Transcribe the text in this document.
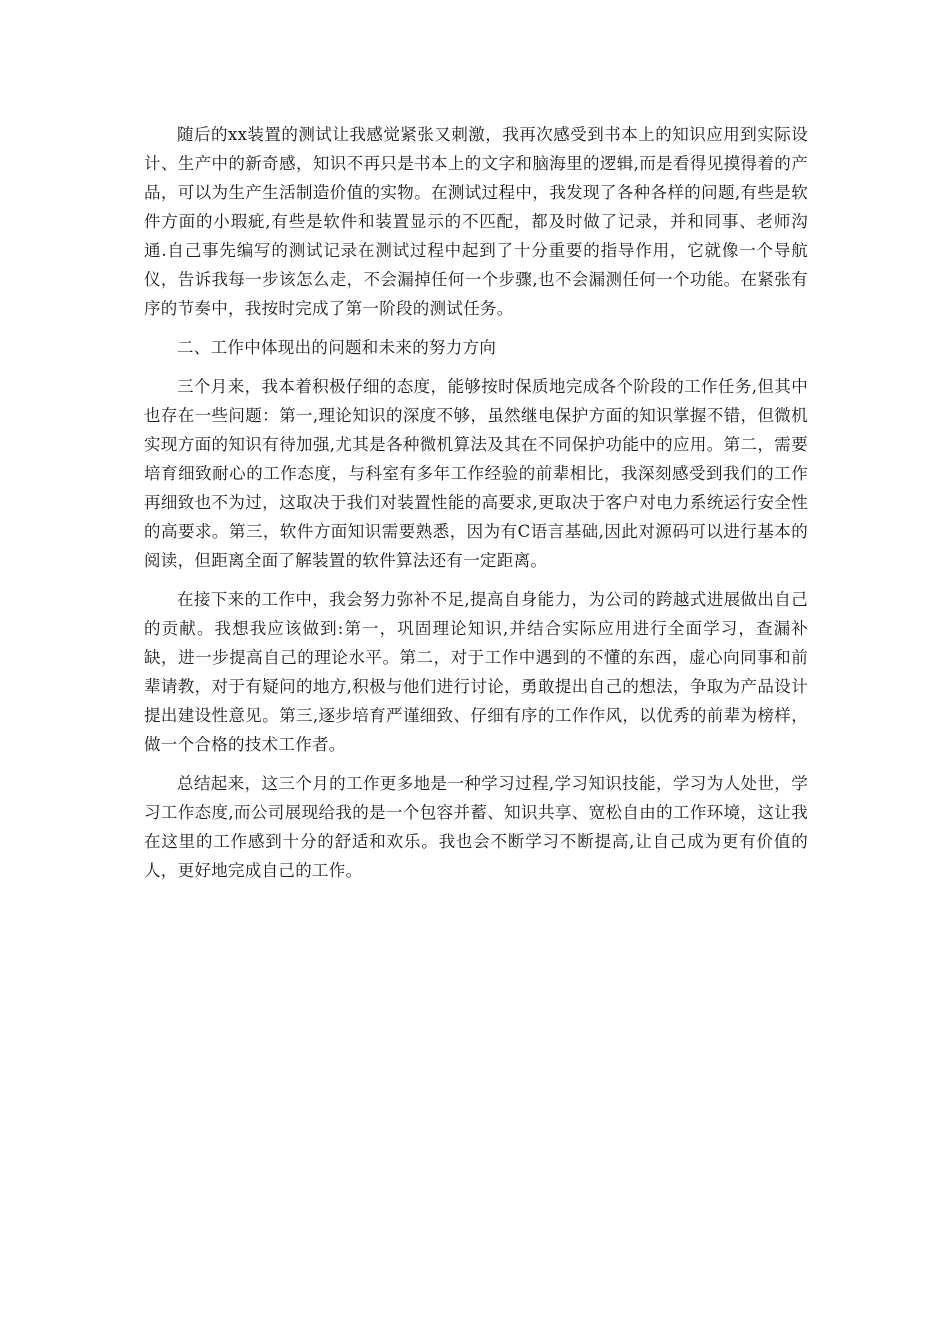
随后的xx装置的测试让我感觉紧张又刺激，我再次感受到书本上的知识应用到实际设计、生产中的新奇感，知识不再只是书本上的文字和脑海里的逻辑,而是看得见摸得着的产品，可以为生产生活制造价值的实物。在测试过程中，我发现了各种各样的问题,有些是软件方面的小瑕疵,有些是软件和装置显示的不匹配，都及时做了记录，并和同事、老师沟通.自己事先编写的测试记录在测试过程中起到了十分重要的指导作用，它就像一个导航仪，告诉我每一步该怎么走，不会漏掉任何一个步骤,也不会漏测任何一个功能。在紧张有序的节奏中，我按时完成了第一阶段的测试任务。

二、工作中体现出的问题和未来的努力方向

三个月来，我本着积极仔细的态度，能够按时保质地完成各个阶段的工作任务,但其中也存在一些问题：第一,理论知识的深度不够，虽然继电保护方面的知识掌握不错，但微机实现方面的知识有待加强,尤其是各种微机算法及其在不同保护功能中的应用。第二，需要培育细致耐心的工作态度，与科室有多年工作经验的前辈相比，我深刻感受到我们的工作再细致也不为过，这取决于我们对装置性能的高要求,更取决于客户对电力系统运行安全性的高要求。第三，软件方面知识需要熟悉，因为有C语言基础,因此对源码可以进行基本的阅读，但距离全面了解装置的软件算法还有一定距离。

在接下来的工作中，我会努力弥补不足,提高自身能力，为公司的跨越式进展做出自己的贡献。我想我应该做到:第一，巩固理论知识,并结合实际应用进行全面学习，查漏补缺，进一步提高自己的理论水平。第二，对于工作中遇到的不懂的东西，虚心向同事和前辈请教，对于有疑问的地方,积极与他们进行讨论，勇敢提出自己的想法，争取为产品设计提出建设性意见。第三,逐步培育严谨细致、仔细有序的工作作风，以优秀的前辈为榜样，做一个合格的技术工作者。

总结起来，这三个月的工作更多地是一种学习过程,学习知识技能，学习为人处世，学习工作态度,而公司展现给我的是一个包容并蓄、知识共享、宽松自由的工作环境，这让我在这里的工作感到十分的舒适和欢乐。我也会不断学习不断提高,让自己成为更有价值的人，更好地完成自己的工作。
